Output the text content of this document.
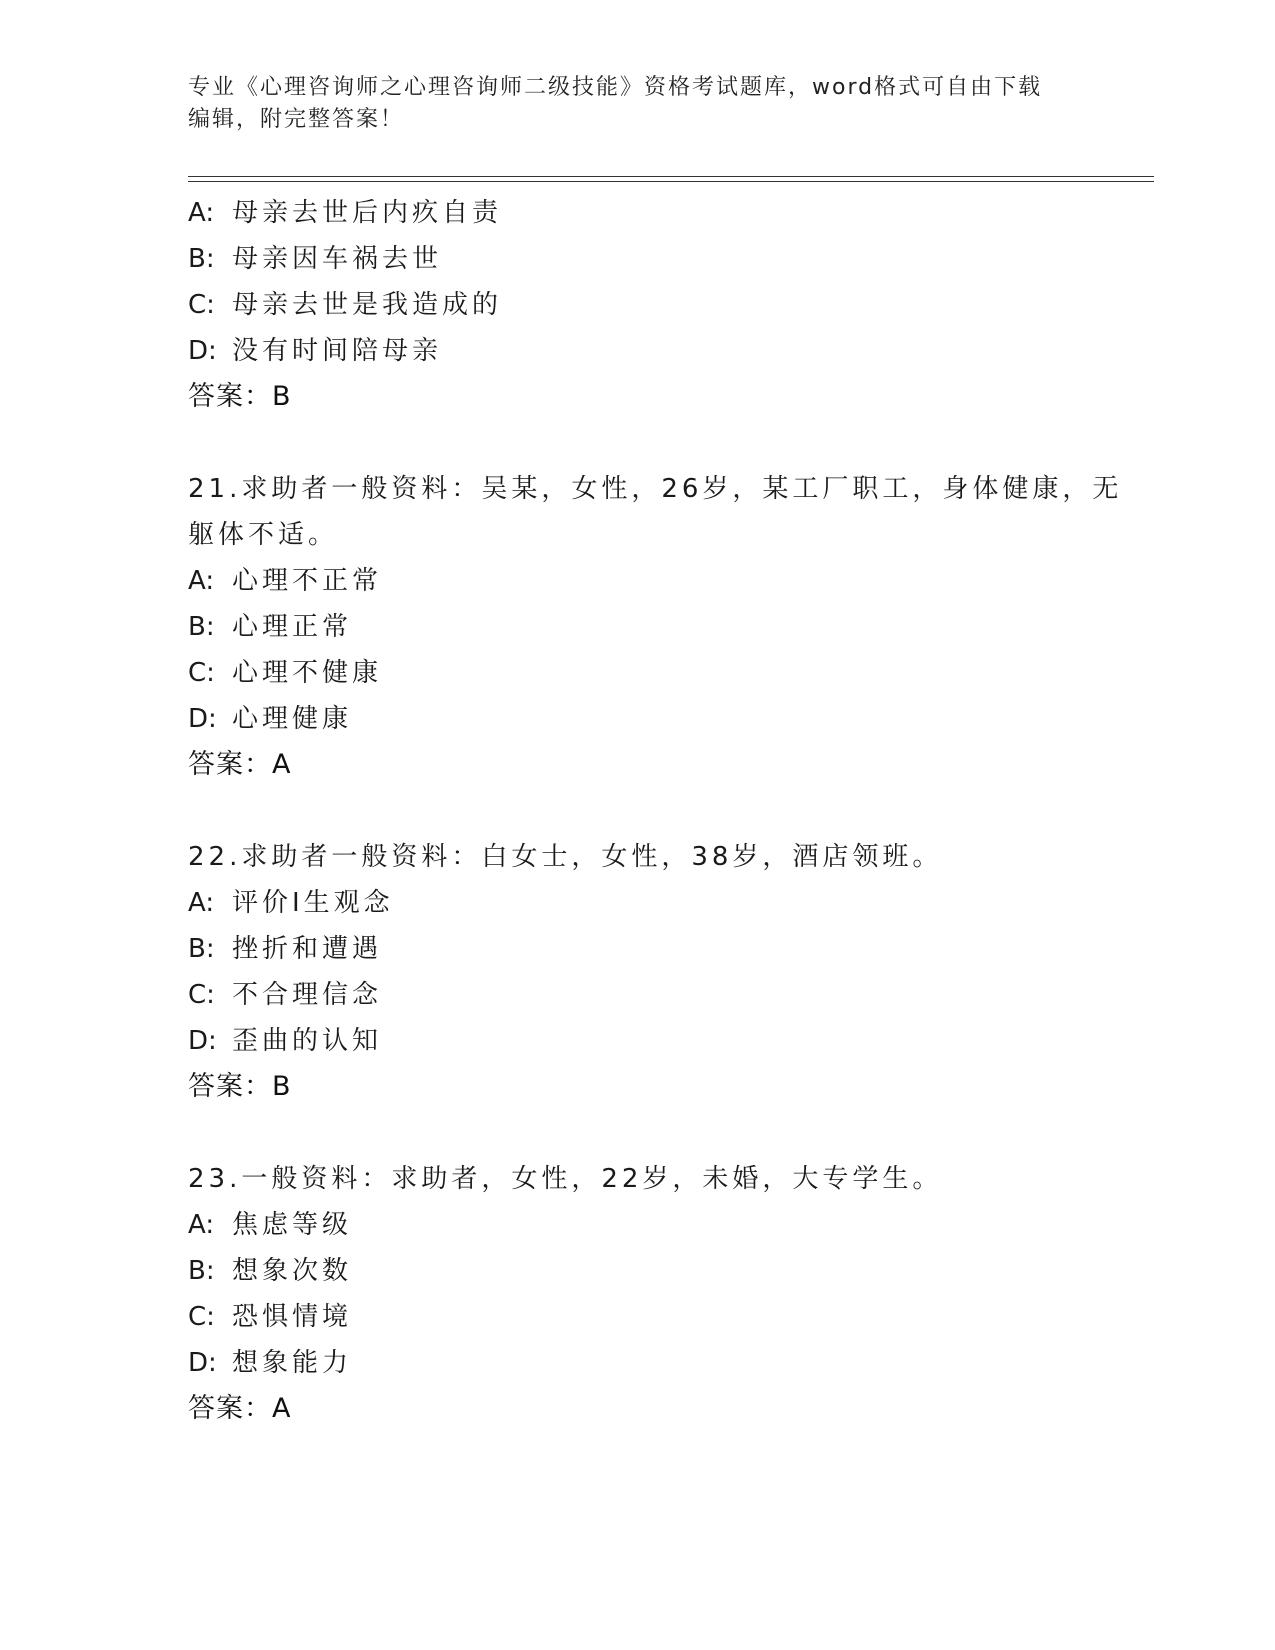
专业《心理咨询师之心理咨询师二级技能》资格考试题库，word格式可自由下载
编辑，附完整答案！
A: 母亲去世后内疚自责
B: 母亲因车祸去世
C: 母亲去世是我造成的
D: 没有时间陪母亲
答案：B
21.求助者一般资料：吴某，女性，26岁，某工厂职工，身体健康，无
躯体不适。
A: 心理不正常
B: 心理正常
C: 心理不健康
D: 心理健康
答案：A
22.求助者一般资料：白女士，女性，38岁，酒店领班。
A: 评价I生观念
B: 挫折和遭遇
C: 不合理信念
D: 歪曲的认知
答案：B
23.一般资料：求助者，女性，22岁，未婚，大专学生。
A: 焦虑等级
B: 想象次数
C: 恐惧情境
D: 想象能力
答案：A
